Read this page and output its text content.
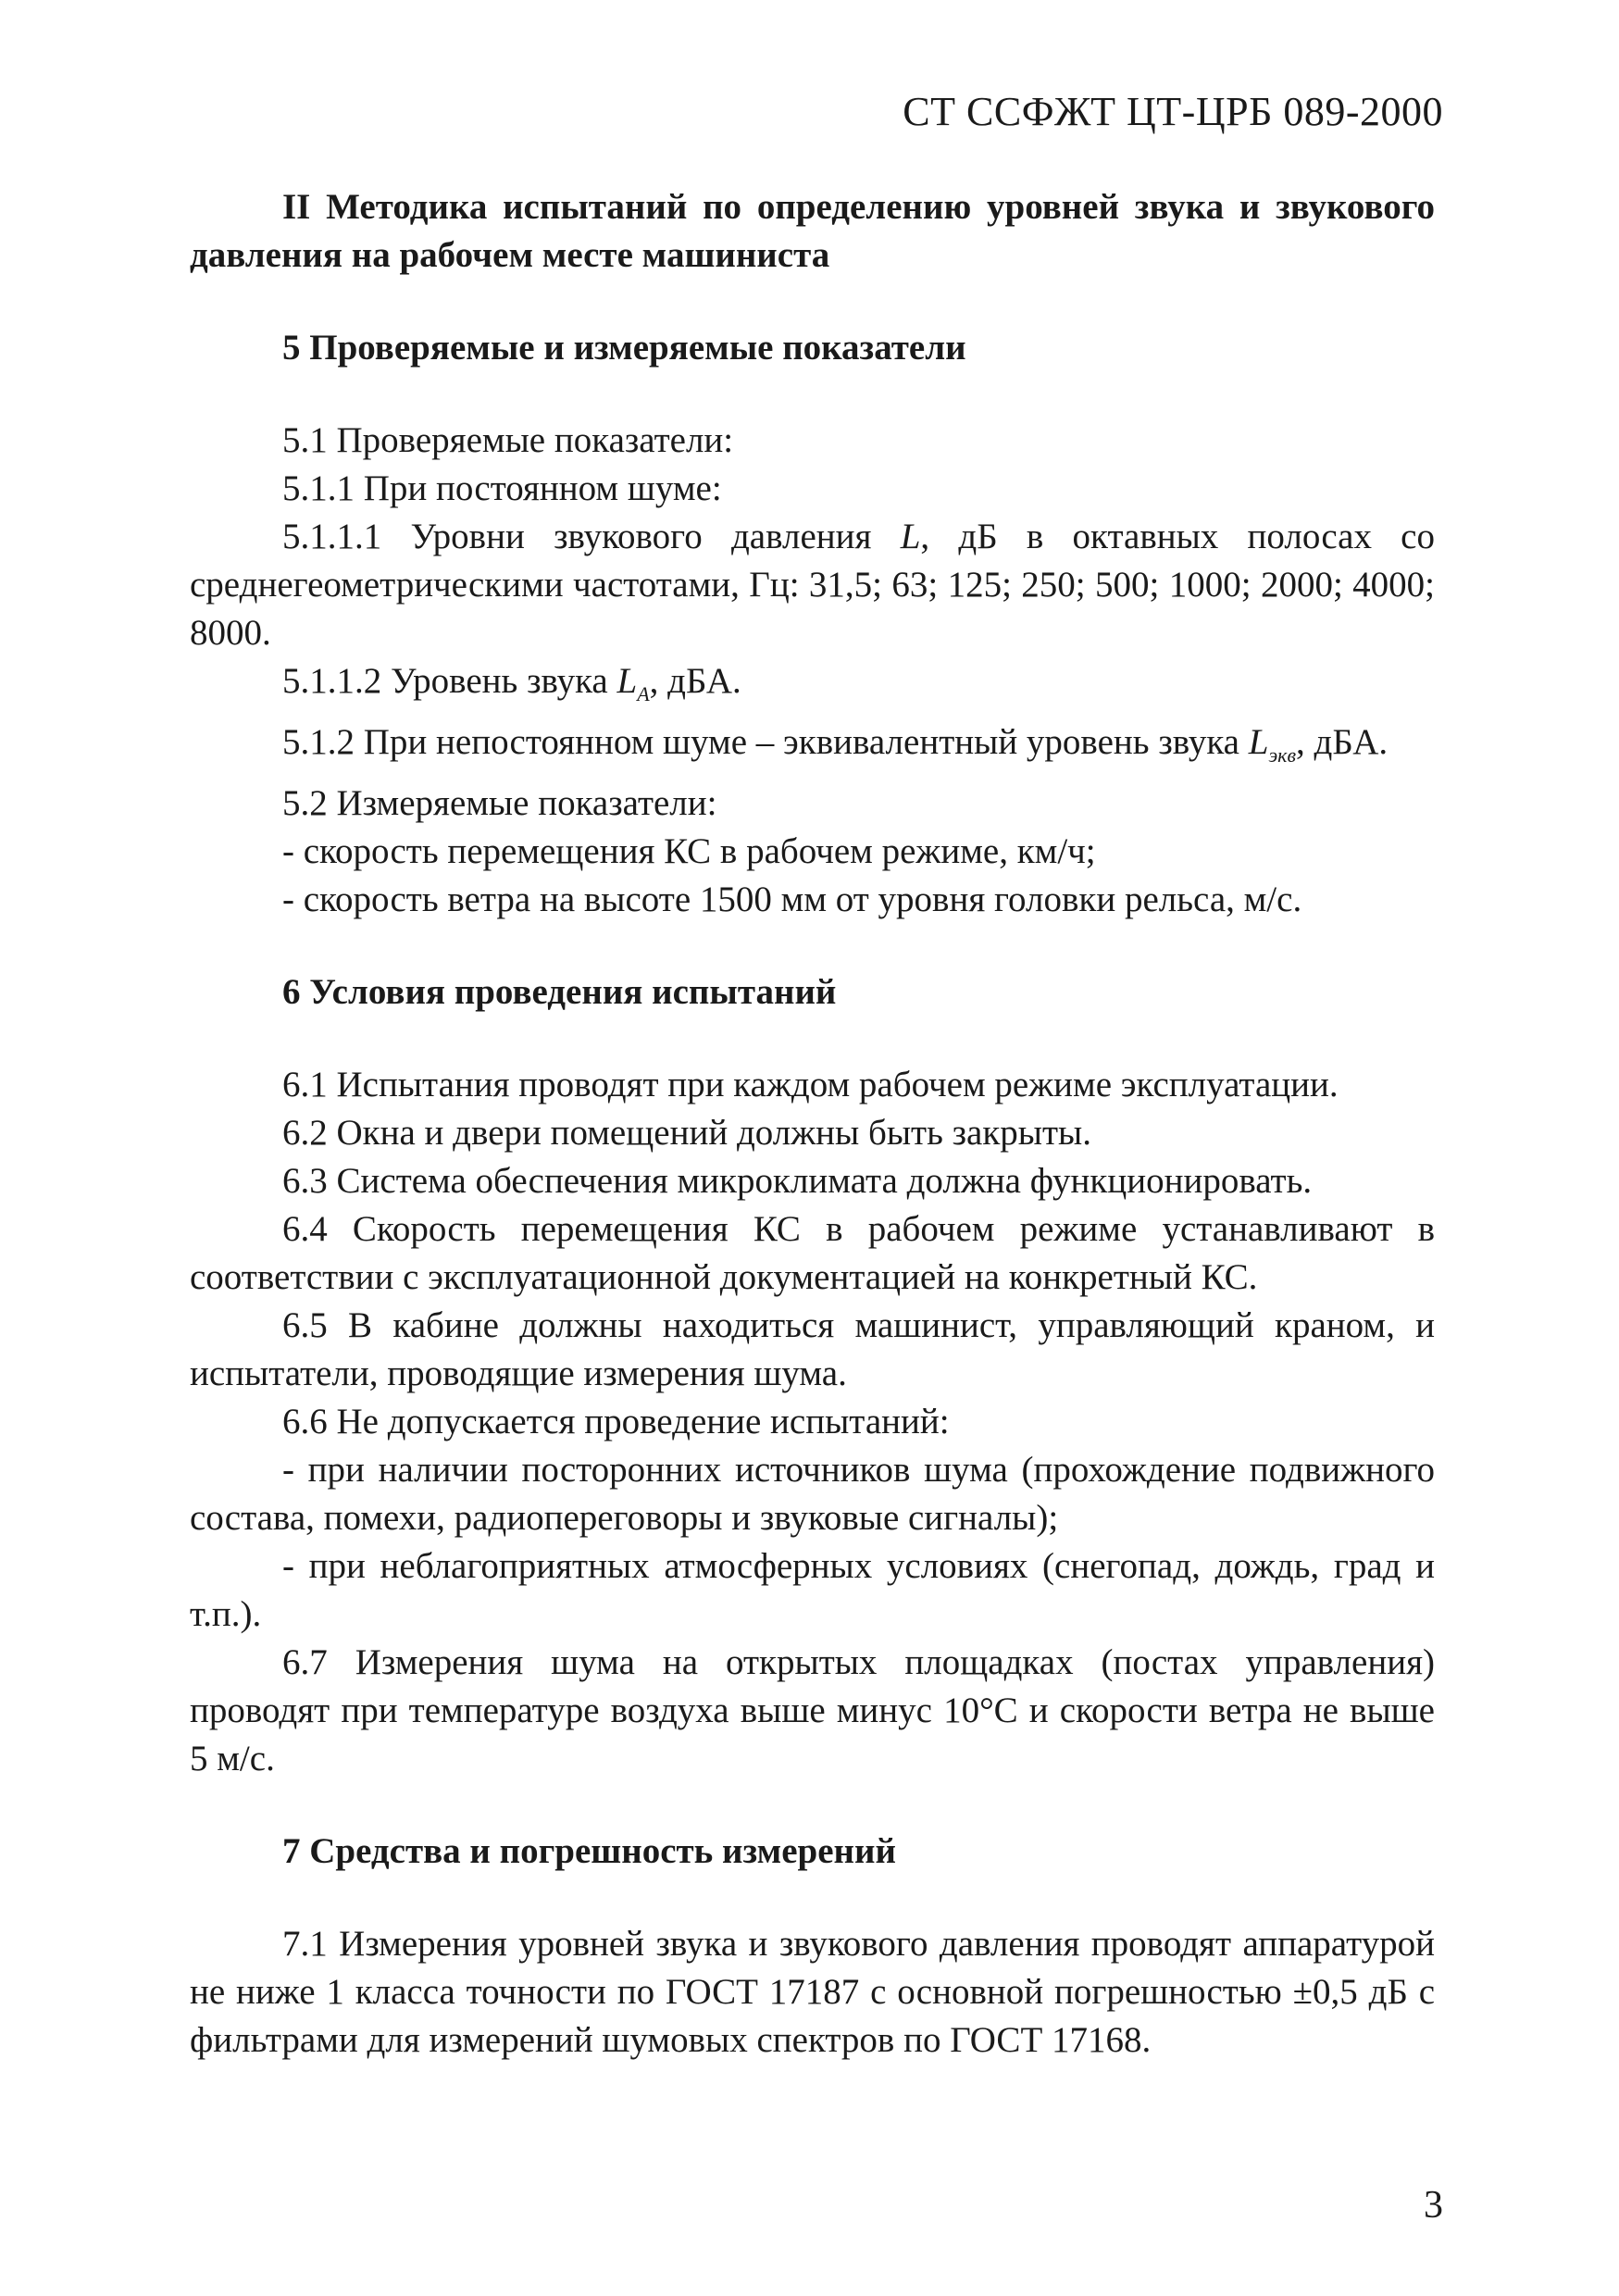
СТ ССФЖТ ЦТ-ЦРБ 089-2000

II Методика испытаний по определению уровней звука и звукового давления на рабочем месте машиниста

5 Проверяемые и измеряемые показатели

5.1 Проверяемые показатели:

5.1.1 При постоянном шуме:

5.1.1.1 Уровни звукового давления L, дБ в октавных полосах со среднегеометрическими частотами, Гц: 31,5; 63; 125; 250; 500; 1000; 2000; 4000; 8000.

5.1.1.2 Уровень звука $L_A$, дБА.

5.1.2 При непостоянном шуме – эквивалентный уровень звука $L_{экв}$, дБА.

5.2 Измеряемые показатели:

- скорость перемещения КС в рабочем режиме, км/ч;

- скорость ветра на высоте 1500 мм от уровня головки рельса, м/с.

6 Условия проведения испытаний

6.1 Испытания проводят при каждом рабочем режиме эксплуатации.

6.2 Окна и двери помещений должны быть закрыты.

6.3 Система обеспечения микроклимата должна функционировать.

6.4 Скорость перемещения КС в рабочем режиме устанавливают в соответствии с эксплуатационной документацией на конкретный КС.

6.5 В кабине должны находиться машинист, управляющий краном, и испытатели, проводящие измерения шума.

6.6 Не допускается проведение испытаний:

- при наличии посторонних источников шума (прохождение подвижного состава, помехи, радиопереговоры и звуковые сигналы);

- при неблагоприятных атмосферных условиях (снегопад, дождь, град и т.п.).

6.7 Измерения шума на открытых площадках (постах управления) проводят при температуре воздуха выше минус 10°С и скорости ветра не выше 5 м/с.

7 Средства и погрешность измерений

7.1 Измерения уровней звука и звукового давления проводят аппаратурой не ниже 1 класса точности по ГОСТ 17187 с основной погрешностью ±0,5 дБ с фильтрами для измерений шумовых спектров по ГОСТ 17168.

3
